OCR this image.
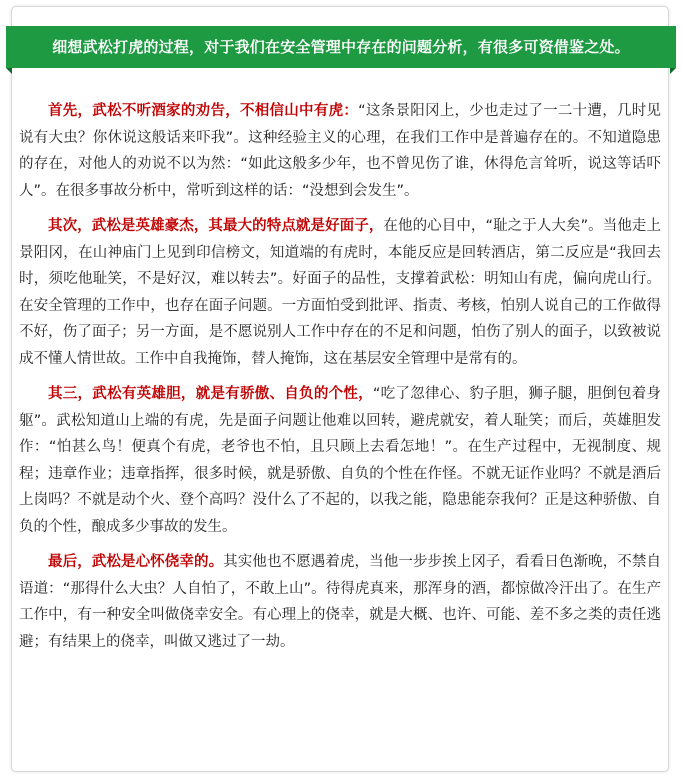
细想武松打虎的过程，对于我们在安全管理中存在的问题分析，有很多可资借鉴之处。

首先，武松不听酒家的劝告，不相信山中有虎：“这条景阳冈上，少也走过了一二十遭，几时见说有大虫？你休说这般话来吓我”。这种经验主义的心理，在我们工作中是普遍存在的。不知道隐患的存在，对他人的劝说不以为然：“如此这般多少年，也不曾见伤了谁，休得危言耸听，说这等话吓人”。在很多事故分析中，常听到这样的话：“没想到会发生”。

其次，武松是英雄豪杰，其最大的特点就是好面子，在他的心目中，“耻之于人大矣”。当他走上景阳冈，在山神庙门上见到印信榜文，知道端的有虎时，本能反应是回转酒店，第二反应是“我回去时，须吃他耻笑，不是好汉，难以转去”。好面子的品性，支撑着武松：明知山有虎，偏向虎山行。在安全管理的工作中，也存在面子问题。一方面怕受到批评、指责、考核，怕别人说自己的工作做得不好，伤了面子；另一方面，是不愿说别人工作中存在的不足和问题，怕伤了别人的面子，以致被说成不懂人情世故。工作中自我掩饰，替人掩饰，这在基层安全管理中是常有的。

其三，武松有英雄胆，就是有骄傲、自负的个性，“吃了忽律心、豹子胆，狮子腿，胆倒包着身躯”。武松知道山上端的有虎，先是面子问题让他难以回转，避虎就安，着人耻笑；而后，英雄胆发作：“怕甚么鸟！便真个有虎，老爷也不怕，且只顾上去看怎地！”。在生产过程中，无视制度、规程；违章作业；违章指挥，很多时候，就是骄傲、自负的个性在作怪。不就无证作业吗？不就是酒后上岗吗？不就是动个火、登个高吗？没什么了不起的，以我之能，隐患能奈我何？正是这种骄傲、自负的个性，酿成多少事故的发生。

最后，武松是心怀侥幸的。其实他也不愿遇着虎，当他一步步挨上冈子，看看日色渐晚，不禁自语道：“那得什么大虫？人自怕了，不敢上山”。待得虎真来，那浑身的酒，都惊做冷汗出了。在生产工作中，有一种安全叫做侥幸安全。有心理上的侥幸，就是大概、也许、可能、差不多之类的责任逃避；有结果上的侥幸，叫做又逃过了一劫。
